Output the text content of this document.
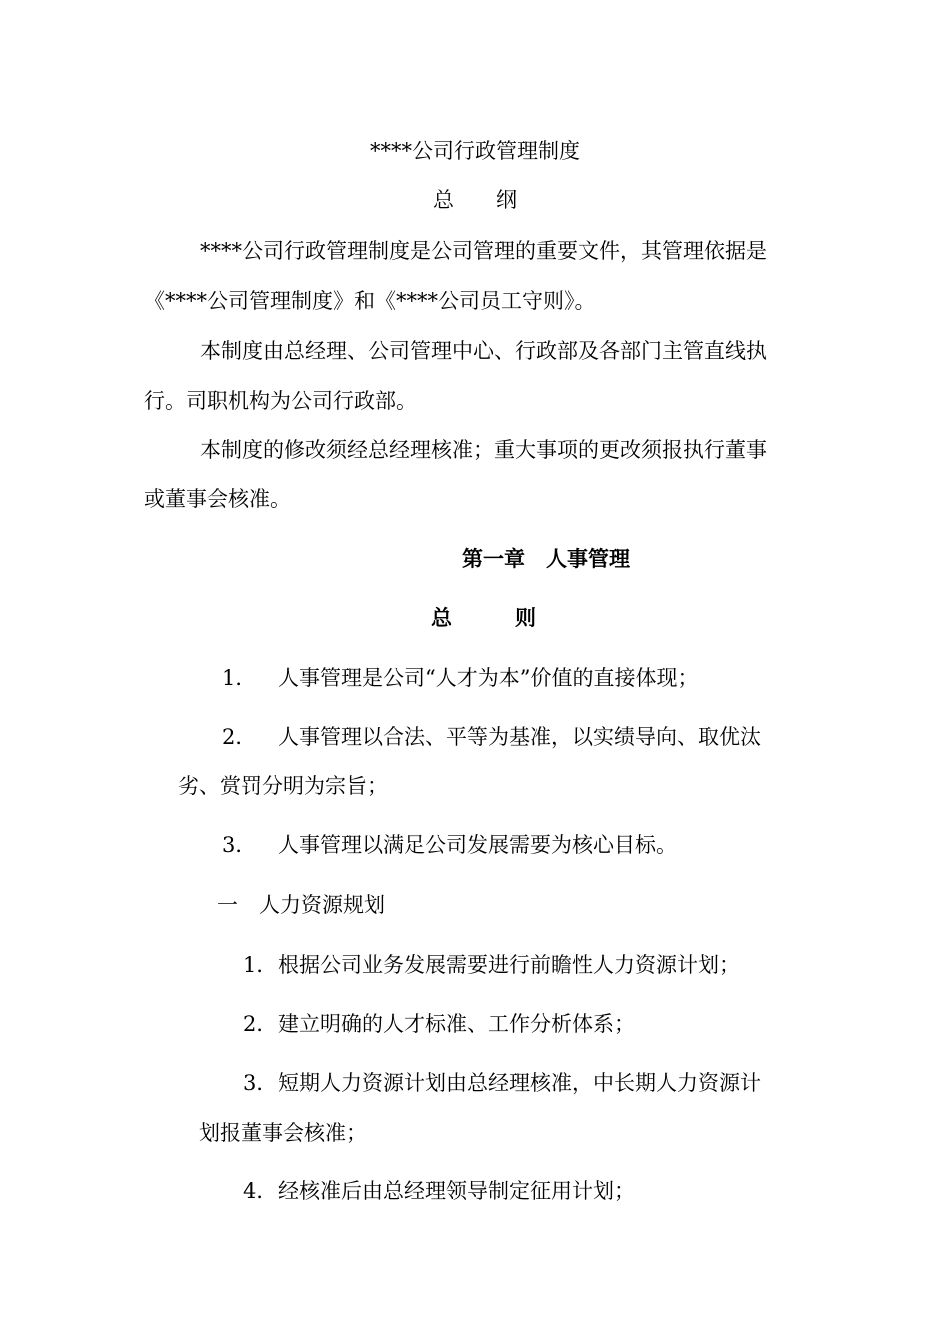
****公司行政管理制度
总　　纲
****公司行政管理制度是公司管理的重要文件，其管理依据是
《****公司管理制度》和《****公司员工守则》。
本制度由总经理、公司管理中心、行政部及各部门主管直线执
行。司职机构为公司行政部。
本制度的修改须经总经理核准；重大事项的更改须报执行董事
或董事会核准。
第一章　人事管理
总　　　则
1． 人事管理是公司“人才为本”价值的直接体现；
2． 人事管理以合法、平等为基准，以实绩导向、取优汰
劣、赏罚分明为宗旨；
3． 人事管理以满足公司发展需要为核心目标。
一　人力资源规划
1．根据公司业务发展需要进行前瞻性人力资源计划；
2．建立明确的人才标准、工作分析体系；
3．短期人力资源计划由总经理核准，中长期人力资源计
划报董事会核准；
4．经核准后由总经理领导制定征用计划；
